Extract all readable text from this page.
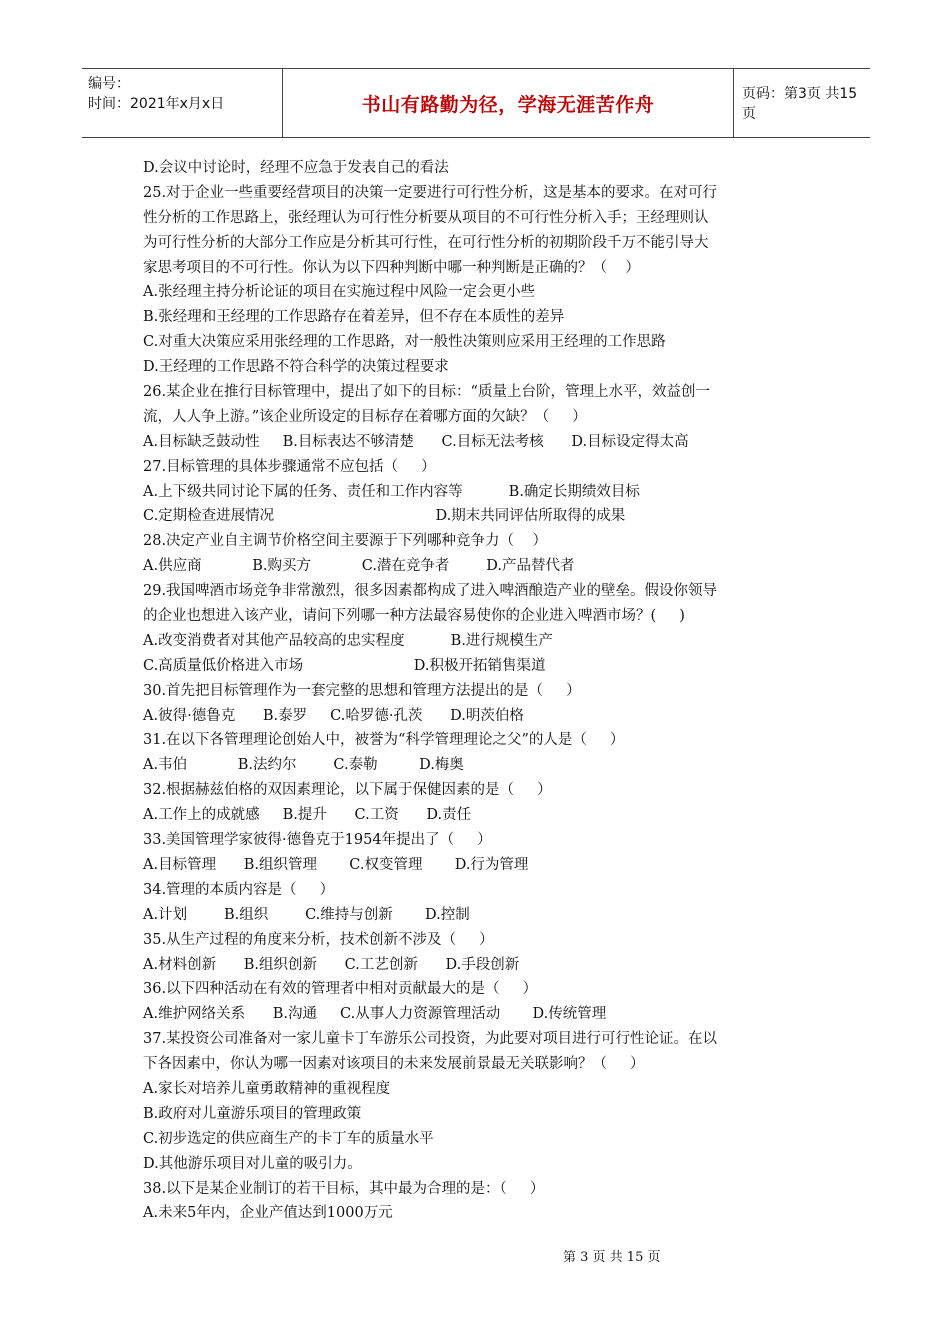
编号：
时间：2021年x月x日	书山有路勤为径，学海无涯苦作舟	页码：第3页 共15页
D.会议中讨论时，经理不应急于发表自己的看法
25.对于企业一些重要经营项目的决策一定要进行可行性分析，这是基本的要求。在对可行
性分析的工作思路上，张经理认为可行性分析要从项目的不可行性分析入手；王经理则认
为可行性分析的大部分工作应是分析其可行性，在可行性分析的初期阶段千万不能引导大
家思考项目的不可行性。你认为以下四种判断中哪一种判断是正确的？（    ）
A.张经理主持分析论证的项目在实施过程中风险一定会更小些
B.张经理和王经理的工作思路存在着差异，但不存在本质性的差异
C.对重大决策应采用张经理的工作思路，对一般性决策则应采用王经理的工作思路
D.王经理的工作思路不符合科学的决策过程要求
26.某企业在推行目标管理中，提出了如下的目标：“质量上台阶，管理上水平，效益创一
流，人人争上游。”该企业所设定的目标存在着哪方面的欠缺？（     ）
A.目标缺乏鼓动性     B.目标表达不够清楚      C.目标无法考核      D.目标设定得太高
27.目标管理的具体步骤通常不应包括（     ）
A.上下级共同讨论下属的任务、责任和工作内容等          B.确定长期绩效目标
C.定期检查进展情况                                   D.期末共同评估所取得的成果
28.决定产业自主调节价格空间主要源于下列哪种竞争力（    ）
A.供应商           B.购买方           C.潜在竞争者        D.产品替代者
29.我国啤酒市场竞争非常激烈，很多因素都构成了进入啤酒酿造产业的壁垒。假设你领导
的企业也想进入该产业，请问下列哪一种方法最容易使你的企业进入啤酒市场？(     )
A.改变消费者对其他产品较高的忠实程度          B.进行规模生产
C.高质量低价格进入市场                        D.积极开拓销售渠道
30.首先把目标管理作为一套完整的思想和管理方法提出的是（     ）
A.彼得·德鲁克      B.泰罗     C.哈罗德·孔茨      D.明茨伯格
31.在以下各管理理论创始人中，被誉为“科学管理理论之父”的人是（     ）
A.韦伯           B.法约尔        C.泰勒         D.梅奥
32.根据赫兹伯格的双因素理论，以下属于保健因素的是（     ）
A.工作上的成就感     B.提升      C.工资      D.责任
33.美国管理学家彼得·德鲁克于1954年提出了（     ）
A.目标管理      B.组织管理       C.权变管理       D.行为管理
34.管理的本质内容是（     ）
A.计划        B.组织        C.维持与创新       D.控制
35.从生产过程的角度来分析，技术创新不涉及（     ）
A.材料创新      B.组织创新      C.工艺创新      D.手段创新
36.以下四种活动在有效的管理者中相对贡献最大的是（     ）
A.维护网络关系      B.沟通     C.从事人力资源管理活动       D.传统管理
37.某投资公司准备对一家儿童卡丁车游乐公司投资，为此要对项目进行可行性论证。在以
下各因素中，你认为哪一因素对该项目的未来发展前景最无关联影响？（     ）
A.家长对培养儿童勇敢精神的重视程度
B.政府对儿童游乐项目的管理政策
C.初步选定的供应商生产的卡丁车的质量水平
D.其他游乐项目对儿童的吸引力。
38.以下是某企业制订的若干目标，其中最为合理的是：（     ）
A.未来5年内，企业产值达到1000万元
第 3 页 共 15 页
